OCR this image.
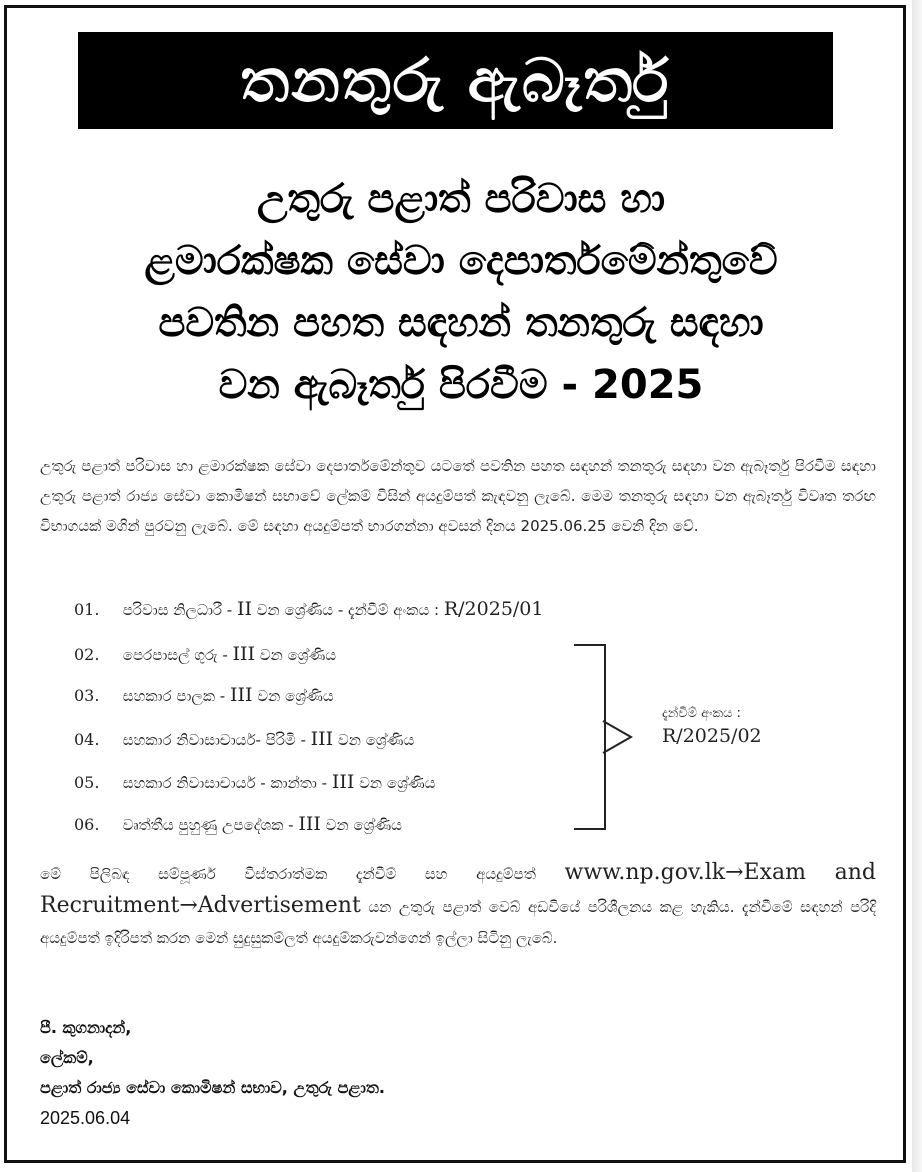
තනතුරු ඇබෑර්තු
උතුරු පළාත් පරිවාස හා
ළමාරක්ෂක සේවා දෙපාර්තමේන්තුවේ
පවතින පහත සඳහන් තනතුරු සඳහා
වන ඇබෑර්තු පිරවීම - 2025
උතුරු පළාත් පරිවාස හා ළමාරක්ෂක සේවා දෙපාර්තමේන්තුව යටතේ පවතින පහත සඳහන් තනතුරු සඳහා වන ඇබෑර්තු පිරවීම සඳහා උතුරු පළාත් රාජ්‍ය සේවා කොමිෂන් සභාවේ ලේකම් විසින් අයදුම්පත් කැඳවනු ලැබේ. මෙම තනතුරු සඳහා වන ඇබෑර්තු විවෘත තරඟ විභාගයක් මගින් පුරවනු ලැබේ. මේ සඳහා අයදුම්පත් භාරගන්නා අවසන් දිනය 2025.06.25 වෙනි දින වේ.
01. පරිවාස නිලධාරී - II වන ශ්‍රේණිය - දැන්වීම් අංකය : R/2025/01
02. පෙරපාසල් ගුරු - III වන ශ්‍රේණිය
03. සහකාර පාලක - III වන ශ්‍රේණිය
04. සහකාර නිවාසාචාර්ය- පිරිමි - III වන ශ්‍රේණිය
05. සහකාර නිවාසාචාර්ය - කාන්තා - III වන ශ්‍රේණිය
06. වෘත්තීය පුහුණු උපදේශක - III වන ශ්‍රේණිය
දැන්වීම් අංකය :
R/2025/02
මේ පිලිබඳ සම්පූර්ණ විස්තරාත්මක දැන්වීම් සහ අයදුම්පත් www.np.gov.lk→Exam and Recruitment→Advertisement යන උතුරු පළාත් වෙබ් අඩවියේ පරිශීලනය කළ හැකිය. දැන්වීමේ සඳහන් පරිදි අයදුම්පත් ඉදිරිපත් කරන මෙන් සුදුසුකම්ලත් අයදුම්කරුවන්ගෙන් ඉල්ලා සිටිනු ලැබේ.
පී. කුගනාදන්,
ලේකම්,
පළාත් රාජ්‍ය සේවා කොමිෂන් සභාව, උතුරු පළාත.
2025.06.04
